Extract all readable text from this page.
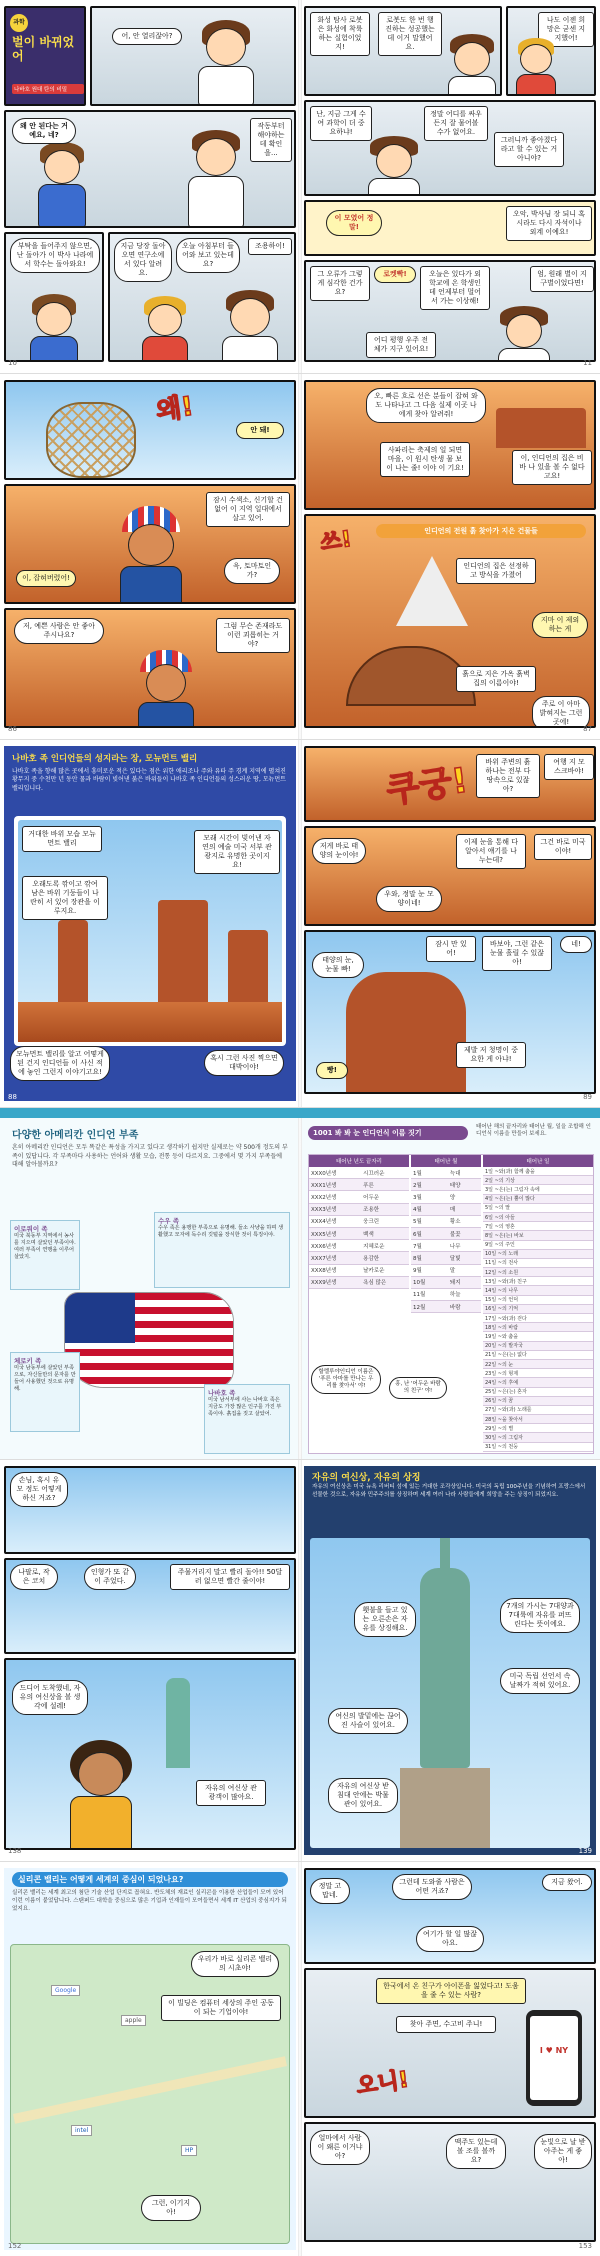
과학
벌이 바뀌었어
나바호 원대 탄의 비밀
어, 안 열리잖아?
왜 안 된다는 거예요, 네?
작동부터 해야하는데 확인을...
부탁을 들어주지 않으면, 난 돌아가 이 박사 나라에서 학수는 돌아와요!
지금 당장 돌아오면 연구소에서 있다 알려요.
오늘 아침부터 들어와 보고 있는데요?
조용하이!
10
화성 탐사 로봇은 화성에 착륙하는 실험이었지!
로봇도 한 번 행진하는 성공했는데 이거 말했어요.
나도 이젠 희망은 굳센 지지했어!
난, 지금 그게 수여 과학이 더 중요하냐!
정말 어디를 싸우든지 잘 물어볼 수가 없어요.
그러니까 좋아졌다 라고 할 수 있는 거 아니야?
이 모였어 정말!
오악, 박사님 장 되니 혹시라도 다시 자석이나 외계 이예요!
그 오류가 그렇게 심각한 건가요?
로켓빡!	오늘은 있다가 외 학교에 온 학생인데 언제부터 멀어서 가는 이상해!
어디 평행 우주 전체가 지구 있어요!
엄, 원래 별이 지구별이었다면!
11
왜!
안 돼!
잠시 수색소, 신기할 건 없어 이 지역 일대에서 살고 있어.
이, 잡혀버렸어!
윽, 토마토인가?
저, 예쁜 사람은 안 좋아 주시나요?
그럼 무슨 존재라도 이런 괴롭히는 거야?
86
오, 빠른 흐로 선은 분들이 잡혀 와도 나타나고 그 다음 실제 이곳 나에게 찾아 알려줘!
사파리는 축제의 일 되면 마을, 이 원시 탄생 물 보이 나는 줄! 이야 이 기요!
이, 인디언의 집은 비바 나 있을 볼 수 없다고요!
쓰!	인디언의 전원 흙 찾아가 지은 건물들
인디언의 집은 선정하고 방식을 가졌어
흙으로 지은 가옥 흙벽집의 이름이야!
지마 이 제외하는 게
주로 이 아마 밝혀지는 그런 곳에!
87
나바호 족 인디언들의 성지라는 장, 모뉴먼트 밸리
나바호 족을 향해 많은 곳에서 흥미로운 적은 있다는 점은 위한 애리조나 주와 유타 주 경계 지역에 펼쳐진 황무지 중 수천만 년 동안 물과 바람이 빚어낸 붉은 바위들이 나바호 족 인디언들의 성스러운 땅, 모뉴먼트 밸리입니다.
거대한 바위 모습 모뉴먼트 밸리
오래도록 깎이고 깎여 남은 바위 기둥들이 나란히 서 있어 장관을 이루지요.
모래 시간이 빚어낸 자연의 예술 미국 서부 관광지로 유명한 곳이지요!
모뉴먼트 밸리를 알고 어떻게 된 건지 인디언들 이 사신 적에 놓인 그런지 이야기고요!
혹시 그런 사진 찍으면 대박이야!
88
쿠궁!	바위 주변의 흙 하나는 전부 다 땅속으로 있잖아?
여행 지 모스크바야!
저게 바로 태양의 눈이야!
이제 눈을 통해 다 알아서 얘기를 나누는데?
그건 바로 미국이야!
우와, 정말 눈 모양이네!
태양의 눈, 눈물 빠!
잠시 만 있어!
바보야, 그런 같은 눈물 흘릴 수 있잖아!
네!
제발 저 청명이 중요한 게 아냐!
빵!
89
다양한 아메리칸 인디언 부족
흔히 아메리칸 인디언은 모두 똑같은 특성을 가지고 있다고 생각하기 쉽지만 실제로는 약 500개 정도의 부족이 있답니다. 각 부족마다 사용하는 언어와 생활 모습, 전통 등이 다르지요. 그중에서 몇 가지 부족들에 대해 알아볼까요?
이로쿼이 족
미국 북동부 지역에서 농사를 지으며 살았던 부족이야. 여러 부족이 연맹을 이루어 살았지.
수우 족
수우 족은 용맹한 부족으로 유명해. 들소 사냥을 하며 생활했고 모자에 독수리 깃털을 장식한 것이 특징이야.
체로키 족
미국 남동부에 살았던 부족으로, 자신들만의 문자를 만들어 사용했던 것으로 유명해.	나바호 족
미국 남서부에 사는 나바호 족은 지금도 가장 많은 인구를 가진 부족이야. 흙집을 짓고 살았어.
1001 봐 봐 눈 인디언식 이름 짓기
태어난 해의 끝자리와 태어난 월, 일을 조합해 인디언식 이름을 만들어 보세요.
태어난 년도 끝자리	
XXX0년생	시끄러운
XXX1년생	푸른
XXX2년생	어두운
XXX3년생	조용한
XXX4년생	웅크린
XXX5년생	백색
XXX6년생	지혜로운
XXX7년생	용감한
XXX8년생	날카로운
XXX9년생	욕심 많은
태어난 월	
1월	늑대
2월	태양
3월	양
4월	매
5월	황소
6월	불꽃
7월	나무
8월	달빛
9월	말
10월	돼지
11월	하늘
12월	바람
태어난 일
1일 ~와(과) 함께 춤을
2일 ~의 기상
3일 ~은(는) 그림자 속에
4일 ~은(는) 뿔이 많다
5일 ~의 딸
6일 ~의 아들
7일 ~의 영혼
8일 ~은(는) 바보
9일 ~의 주인
10일 ~의 노래
11일 ~의 전사
12일 ~의 소원
13일 ~와(과) 친구
14일 ~의 나무
15일 ~의 언덕
16일 ~의 기억
17일 ~와(과) 걷다
18일 ~의 바람
19일 ~와 춤을
20일 ~의 발자국
21일 ~은(는) 없다
22일 ~의 눈
23일 ~의 형제
24일 ~의 후예
25일 ~은(는) 혼자
26일 ~의 꿈
27일 ~와(과) 노래를
28일 ~을 찾아서
29일 ~의 별
30일 ~의 그림자
31일 ~의 천둥
할렐루야인디언 이름은 '푸른 아마를 만나는 우리를 찾아서' 야!	흥, 난 '어두운 바람의 친구' 야!
손님, 혹시 유모 정도 어떻게 하신 거죠?
나팔로, 작은 코치
인형가 또 같이 주었다.
주물거리지 말고 빨리 돌아!! 50달러 없으면 빨간 줄이야!
드디어 도착했네, 자유의 여신상을 볼 생각에 설레!
자유의 여신상 관광객이 많아요.
138
자유의 여신상, 자유의 상징
자유의 여신상은 미국 뉴욕 리버티 섬에 있는 거대한 조각상입니다. 미국의 독립 100주년을 기념하여 프랑스에서 선물한 것으로, 자유와 민주주의를 상징하며 세계 여러 나라 사람들에게 희망을 주는 상징이 되었지요.
횃불을 들고 있는 오른손은 자유를 상징해요.
7개의 가시는 7대양과 7대륙에 자유를 퍼뜨린다는 뜻이에요.
미국 독립 선언서 속 날짜가 적혀 있어요.
여신의 발밑에는 끊어진 사슬이 있어요.
자유의 여신상 받침대 안에는 박물관이 있어요.
139
실리콘 밸리는 어떻게 세계의 중심이 되었나요?
실리콘 밸리는 세계 최고의 첨단 기술 산업 단지로 꼽혀요. 반도체의 재료인 실리콘을 이용한 산업들이 모여 있어 이런 이름이 붙었답니다. 스탠퍼드 대학을 중심으로 많은 기업과 인재들이 모여들면서 세계 IT 산업의 중심지가 되었지요.
Google
apple
intel
HP
우리가 바로 실리콘 밸리의 시초야!
이 빌딩은 컴퓨터 세상의 주인 공동이 되는 기업이야!
그런, 이기지 아!
152
정말 고맙네.
그런데 도와줄 사람은 어떤 거죠?
지금 왔어.
여기가 할 일 많잖아요.
한국에서 온 친구가 아이폰을 잃었다고! 도움을 줄 수 있는 사람?
찾아 주면, 수고비 주니!
오니!
I ♥ NY
얼마에서 사람이 왜른 이거냐아?
맥주도 있는데 볼 조를 볼까요?
눈빛으로 날 받아주는 게 좋아!
153
